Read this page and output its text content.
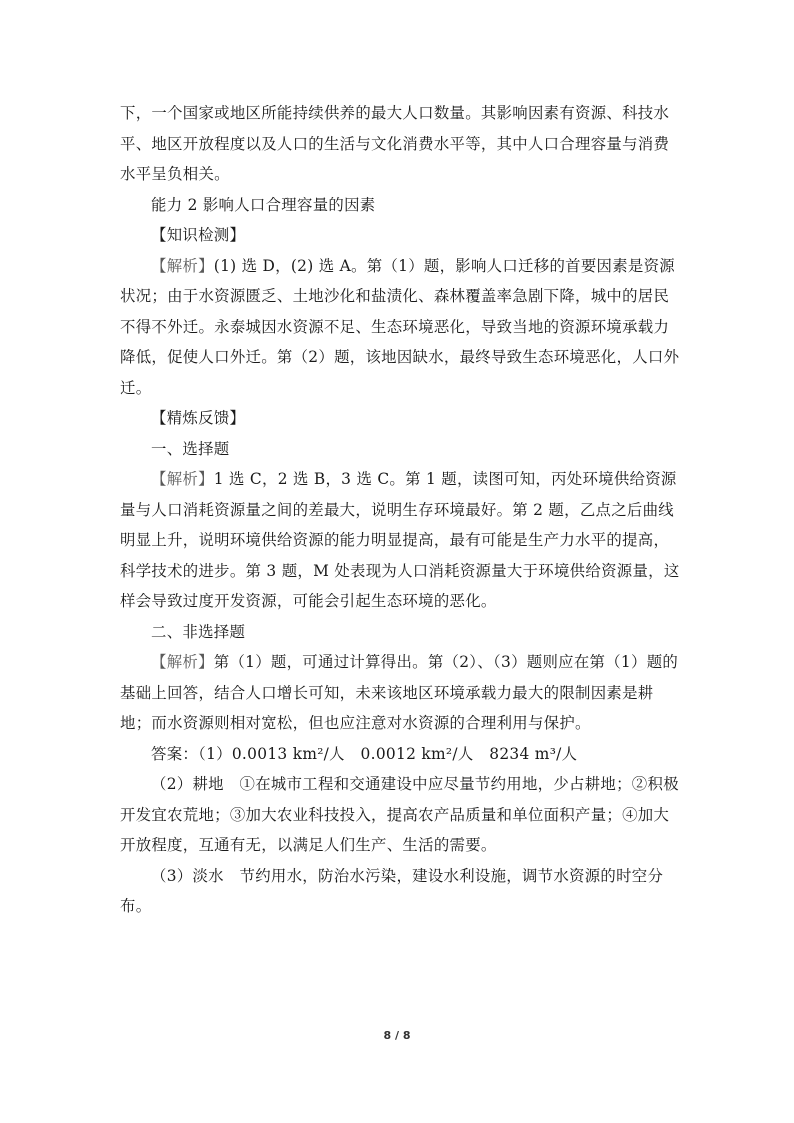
下，一个国家或地区所能持续供养的最大人口数量。其影响因素有资源、科技水平、地区开放程度以及人口的生活与文化消费水平等，其中人口合理容量与消费水平呈负相关。

能力 2 影响人口合理容量的因素

【知识检测】

【解析】(1) 选 D，(2) 选 A。第（1）题，影响人口迁移的首要因素是资源状况；由于水资源匮乏、土地沙化和盐渍化、森林覆盖率急剧下降，城中的居民不得不外迁。永泰城因水资源不足、生态环境恶化，导致当地的资源环境承载力降低，促使人口外迁。第（2）题，该地因缺水，最终导致生态环境恶化，人口外迁。

【精炼反馈】

一、选择题

【解析】1 选 C，2 选 B，3 选 C。第 1 题，读图可知，丙处环境供给资源量与人口消耗资源量之间的差最大，说明生存环境最好。第 2 题，乙点之后曲线明显上升，说明环境供给资源的能力明显提高，最有可能是生产力水平的提高，科学技术的进步。第 3 题，M 处表现为人口消耗资源量大于环境供给资源量，这样会导致过度开发资源，可能会引起生态环境的恶化。

二、非选择题

【解析】第（1）题，可通过计算得出。第（2）、（3）题则应在第（1）题的基础上回答，结合人口增长可知，未来该地区环境承载力最大的限制因素是耕地；而水资源则相对宽松，但也应注意对水资源的合理利用与保护。

答案：（1）0.0013 km²/人　0.0012 km²/人　8234 m³/人

（2）耕地　①在城市工程和交通建设中应尽量节约用地，少占耕地；②积极开发宜农荒地；③加大农业科技投入，提高农产品质量和单位面积产量；④加大开放程度，互通有无，以满足人们生产、生活的需要。

（3）淡水　节约用水，防治水污染，建设水利设施，调节水资源的时空分布。

8 / 8
